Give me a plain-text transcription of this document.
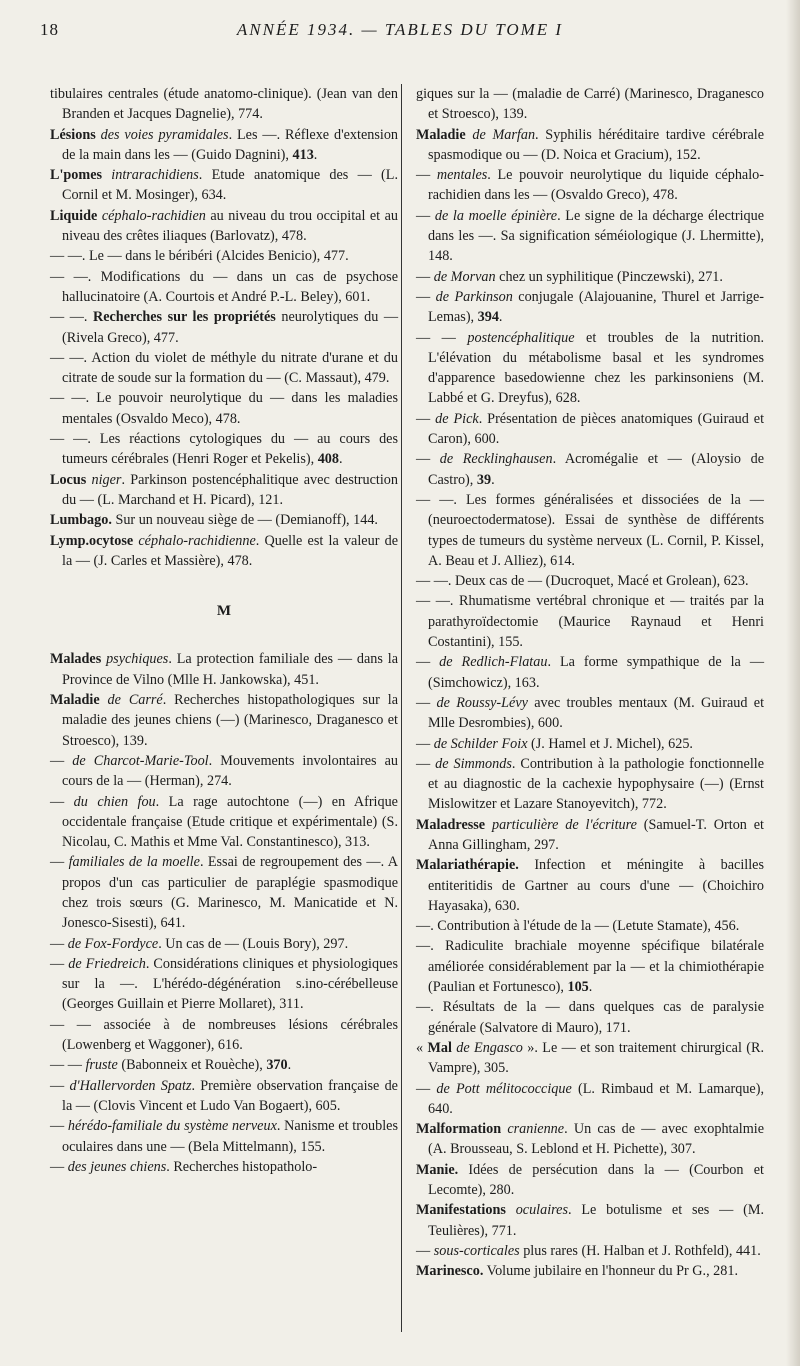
18	ANNÉE 1934. — TABLES DU TOME I

tibulaires centrales (étude anatomo-clinique). (Jean van den Branden et Jacques Dagnelie), 774.

Lésions des voies pyramidales. Les —. Réflexe d'extension de la main dans les — (Guido Dagnini), 413.

L'pomes intrarachidiens. Etude anatomique des — (L. Cornil et M. Mosinger), 634.

Liquide céphalo-rachidien au niveau du trou occipital et au niveau des crêtes iliaques (Barlovatz), 478.

— —. Le — dans le béribéri (Alcides Benicio), 477.

— —. Modifications du — dans un cas de psychose hallucinatoire (A. Courtois et André P.-L. Beley), 601.

— —. Recherches sur les propriétés neurolytiques du — (Rivela Greco), 477.

— —. Action du violet de méthyle du nitrate d'urane et du citrate de soude sur la formation du — (C. Massaut), 479.

— —. Le pouvoir neurolytique du — dans les maladies mentales (Osvaldo Meco), 478.

— —. Les réactions cytologiques du — au cours des tumeurs cérébrales (Henri Roger et Pekelis), 408.

Locus niger. Parkinson postencéphalitique avec destruction du — (L. Marchand et H. Picard), 121.

Lumbago. Sur un nouveau siège de — (Demianoff), 144.

Lymp.ocytose céphalo-rachidienne. Quelle est la valeur de la — (J. Carles et Massière), 478.

M

Malades psychiques. La protection familiale des — dans la Province de Vilno (Mlle H. Jankowska), 451.

Maladie de Carré. Recherches histopathologiques sur la maladie des jeunes chiens (—) (Marinesco, Draganesco et Stroesco), 139.

— de Charcot-Marie-Tool. Mouvements involontaires au cours de la — (Herman), 274.

— du chien fou. La rage autochtone (—) en Afrique occidentale française (Etude critique et expérimentale) (S. Nicolau, C. Mathis et Mme Val. Constantinesco), 313.

— familiales de la moelle. Essai de regroupement des —. A propos d'un cas particulier de paraplégie spasmodique chez trois sœurs (G. Marinesco, M. Manicatide et N. Jonesco-Sisesti), 641.

— de Fox-Fordyce. Un cas de — (Louis Bory), 297.

— de Friedreich. Considérations cliniques et physiologiques sur la —. L'hérédo-dégénération s.ino-cérébelleuse (Georges Guillain et Pierre Mollaret), 311.

— — associée à de nombreuses lésions cérébrales (Lowenberg et Waggoner), 616.

— — fruste (Babonneix et Rouèche), 370.

— d'Hallervorden Spatz. Première observation française de la — (Clovis Vincent et Ludo Van Bogaert), 605.

— hérédo-familiale du système nerveux. Nanisme et troubles oculaires dans une — (Bela Mittelmann), 155.

— des jeunes chiens. Recherches histopatholo-

giques sur la — (maladie de Carré) (Marinesco, Draganesco et Stroesco), 139.

Maladie de Marfan. Syphilis héréditaire tardive cérébrale spasmodique ou — (D. Noica et Gracium), 152.

— mentales. Le pouvoir neurolytique du liquide céphalo-rachidien dans les — (Osvaldo Greco), 478.

— de la moelle épinière. Le signe de la décharge électrique dans les —. Sa signification séméiologique (J. Lhermitte), 148.

— de Morvan chez un syphilitique (Pinczewski), 271.

— de Parkinson conjugale (Alajouanine, Thurel et Jarrige-Lemas), 394.

— — postencéphalitique et troubles de la nutrition. L'élévation du métabolisme basal et les syndromes d'apparence basedowienne chez les parkinsoniens (M. Labbé et G. Dreyfus), 628.

— de Pick. Présentation de pièces anatomiques (Guiraud et Caron), 600.

— de Recklinghausen. Acromégalie et — (Aloysio de Castro), 39.

— —. Les formes généralisées et dissociées de la — (neuroectodermatose). Essai de synthèse de différents types de tumeurs du système nerveux (L. Cornil, P. Kissel, A. Beau et J. Alliez), 614.

— —. Deux cas de — (Ducroquet, Macé et Grolean), 623.

— —. Rhumatisme vertébral chronique et — traités par la parathyroïdectomie (Maurice Raynaud et Henri Costantini), 155.

— de Redlich-Flatau. La forme sympathique de la — (Simchowicz), 163.

— de Roussy-Lévy avec troubles mentaux (M. Guiraud et Mlle Desrombies), 600.

— de Schilder Foix (J. Hamel et J. Michel), 625.

— de Simmonds. Contribution à la pathologie fonctionnelle et au diagnostic de la cachexie hypophysaire (—) (Ernst Mislowitzer et Lazare Stanoyevitch), 772.

Maladresse particulière de l'écriture (Samuel-T. Orton et Anna Gillingham, 297.

Malariathérapie. Infection et méningite à bacilles entiteritidis de Gartner au cours d'une — (Choichiro Hayasaka), 630.

—. Contribution à l'étude de la — (Letute Stamate), 456.

—. Radiculite brachiale moyenne spécifique bilatérale améliorée considérablement par la — et la chimiothérapie (Paulian et Fortunesco), 105.

—. Résultats de la — dans quelques cas de paralysie générale (Salvatore di Mauro), 171.

« Mal de Engasco ». Le — et son traitement chirurgical (R. Vampre), 305.

— de Pott mélitococcique (L. Rimbaud et M. Lamarque), 640.

Malformation cranienne. Un cas de — avec exophtalmie (A. Brousseau, S. Leblond et H. Pichette), 307.

Manie. Idées de persécution dans la — (Courbon et Lecomte), 280.

Manifestations oculaires. Le botulisme et ses — (M. Teulières), 771.

— sous-corticales plus rares (H. Halban et J. Rothfeld), 441.

Marinesco. Volume jubilaire en l'honneur du Pr G., 281.
